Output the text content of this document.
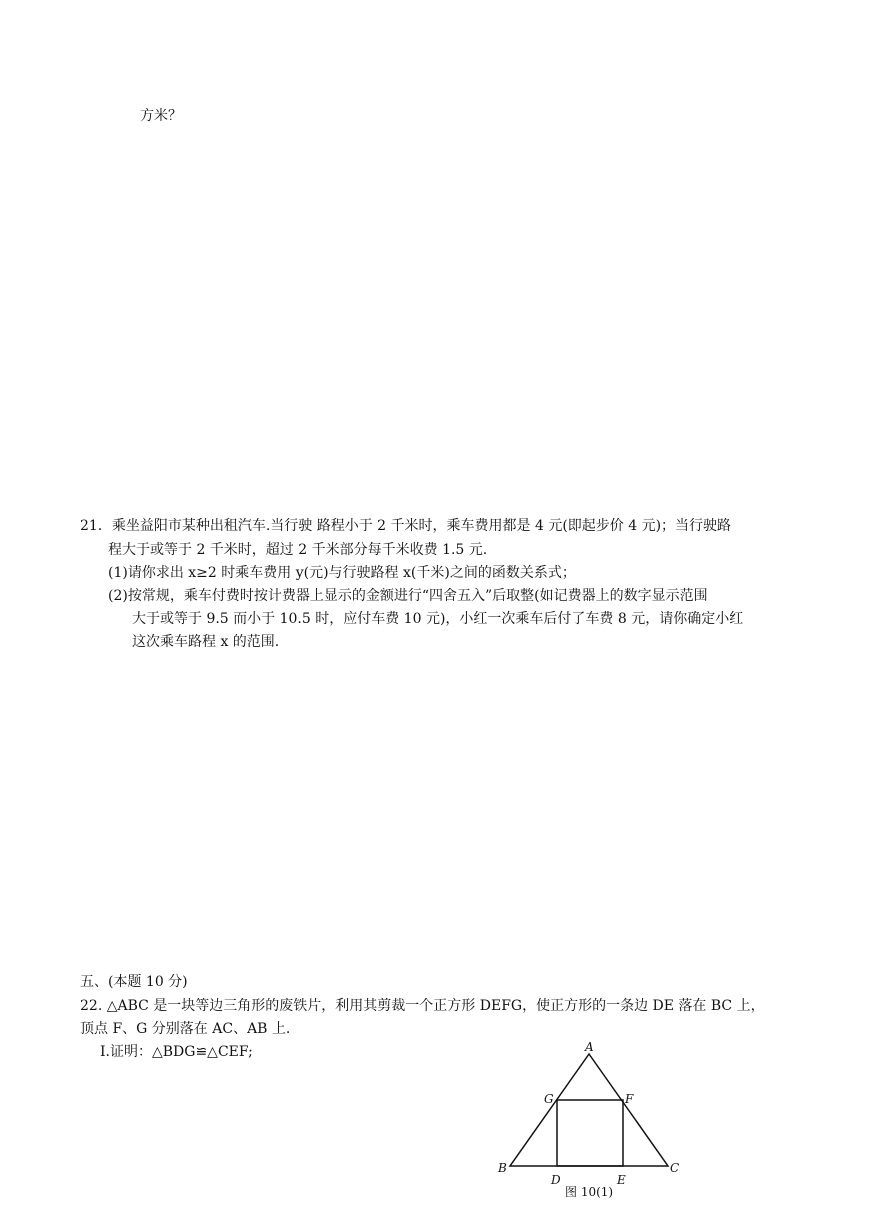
方米？
21．乘坐益阳市某种出租汽车.当行驶 路程小于 2 千米时，乘车费用都是 4 元(即起步价 4 元)；当行驶路
程大于或等于 2 千米时，超过 2 千米部分每千米收费 1.5 元.
(1)请你求出 x≥2 时乘车费用 y(元)与行驶路程 x(千米)之间的函数关系式；
(2)按常规，乘车付费时按计费器上显示的金额进行“四舍五入”后取整(如记费器上的数字显示范围
大于或等于 9.5 而小于 10.5 时，应付车费 10 元)，小红一次乘车后付了车费 8 元，请你确定小红
这次乘车路程 x 的范围.
五、(本题 10 分)
22. △ABC 是一块等边三角形的废铁片，利用其剪裁一个正方形 DEFG，使正方形的一条边 DE 落在 BC 上，
顶点 F、G 分别落在 AC、AB 上.
Ⅰ.证明：△BDG≌△CEF;	A
B	C
D	E
F
G
图 10(1)
